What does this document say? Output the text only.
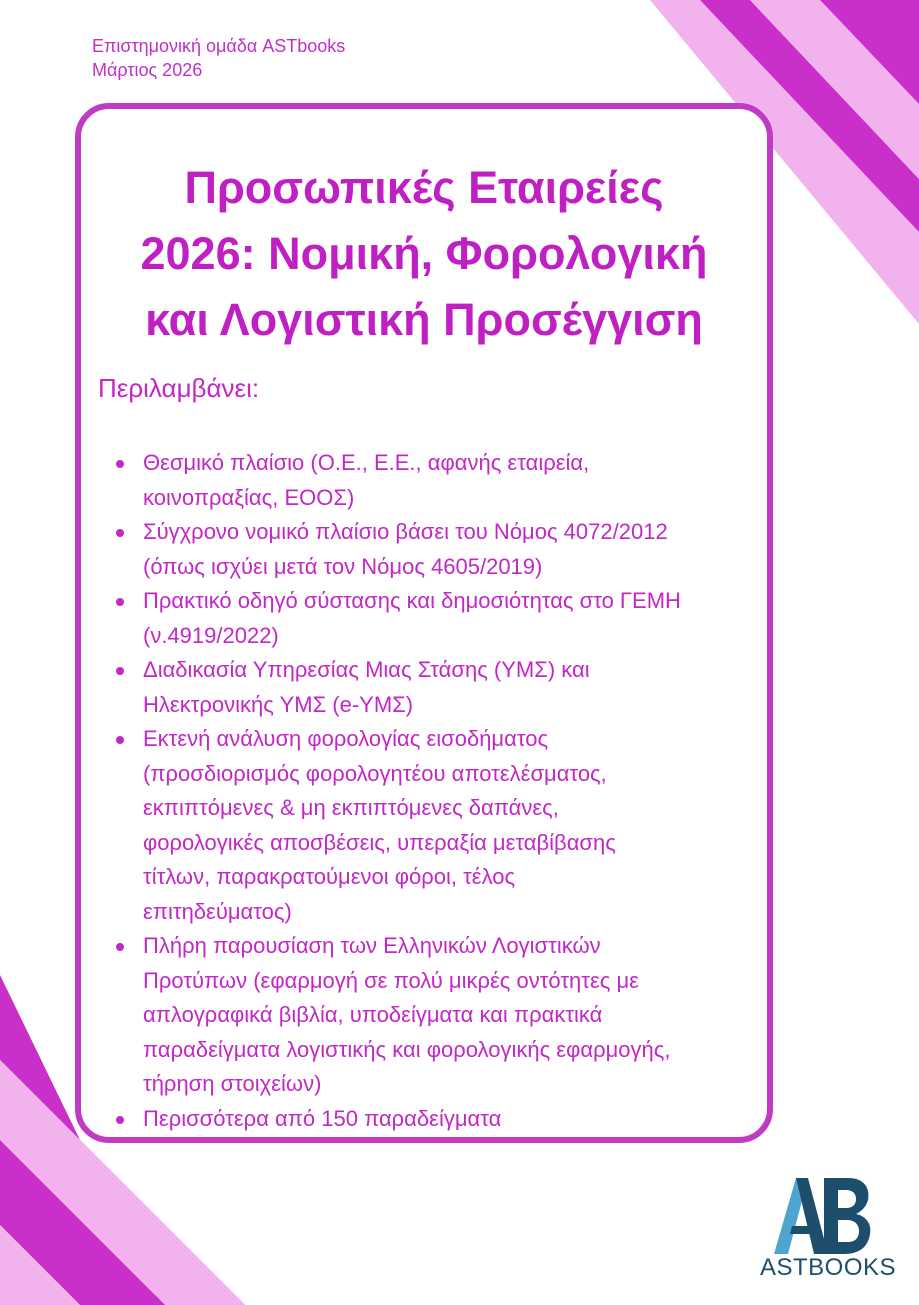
Επιστημονική ομάδα ASTbooks
Μάρτιος 2026
Προσωπικές Εταιρείες
2026: Νομική, Φορολογική
και Λογιστική Προσέγγιση

Περιλαμβάνει:

Θεσμικό πλαίσιο (Ο.Ε., Ε.Ε., αφανής εταιρεία,
κοινοπραξίας, ΕΟΟΣ)
Σύγχρονο νομικό πλαίσιο βάσει του Νόμος 4072/2012
(όπως ισχύει μετά τον Νόμος 4605/2019)
Πρακτικό οδηγό σύστασης και δημοσιότητας στο ΓΕΜΗ
(ν.4919/2022)
Διαδικασία Υπηρεσίας Μιας Στάσης (ΥΜΣ) και
Ηλεκτρονικής ΥΜΣ (e-ΥΜΣ)
Εκτενή ανάλυση φορολογίας εισοδήματος
(προσδιορισμός φορολογητέου αποτελέσματος,
εκπιπτόμενες & μη εκπιπτόμενες δαπάνες,
φορολογικές αποσβέσεις, υπεραξία μεταβίβασης
τίτλων, παρακρατούμενοι φόροι, τέλος
επιτηδεύματος)
Πλήρη παρουσίαση των Ελληνικών Λογιστικών
Προτύπων (εφαρμογή σε πολύ μικρές οντότητες με
απλογραφικά βιβλία, υποδείγματα και πρακτικά
παραδείγματα λογιστικής και φορολογικής εφαρμογής,
τήρηση στοιχείων)
Περισσότερα από 150 παραδείγματα
ASTBOOKS
